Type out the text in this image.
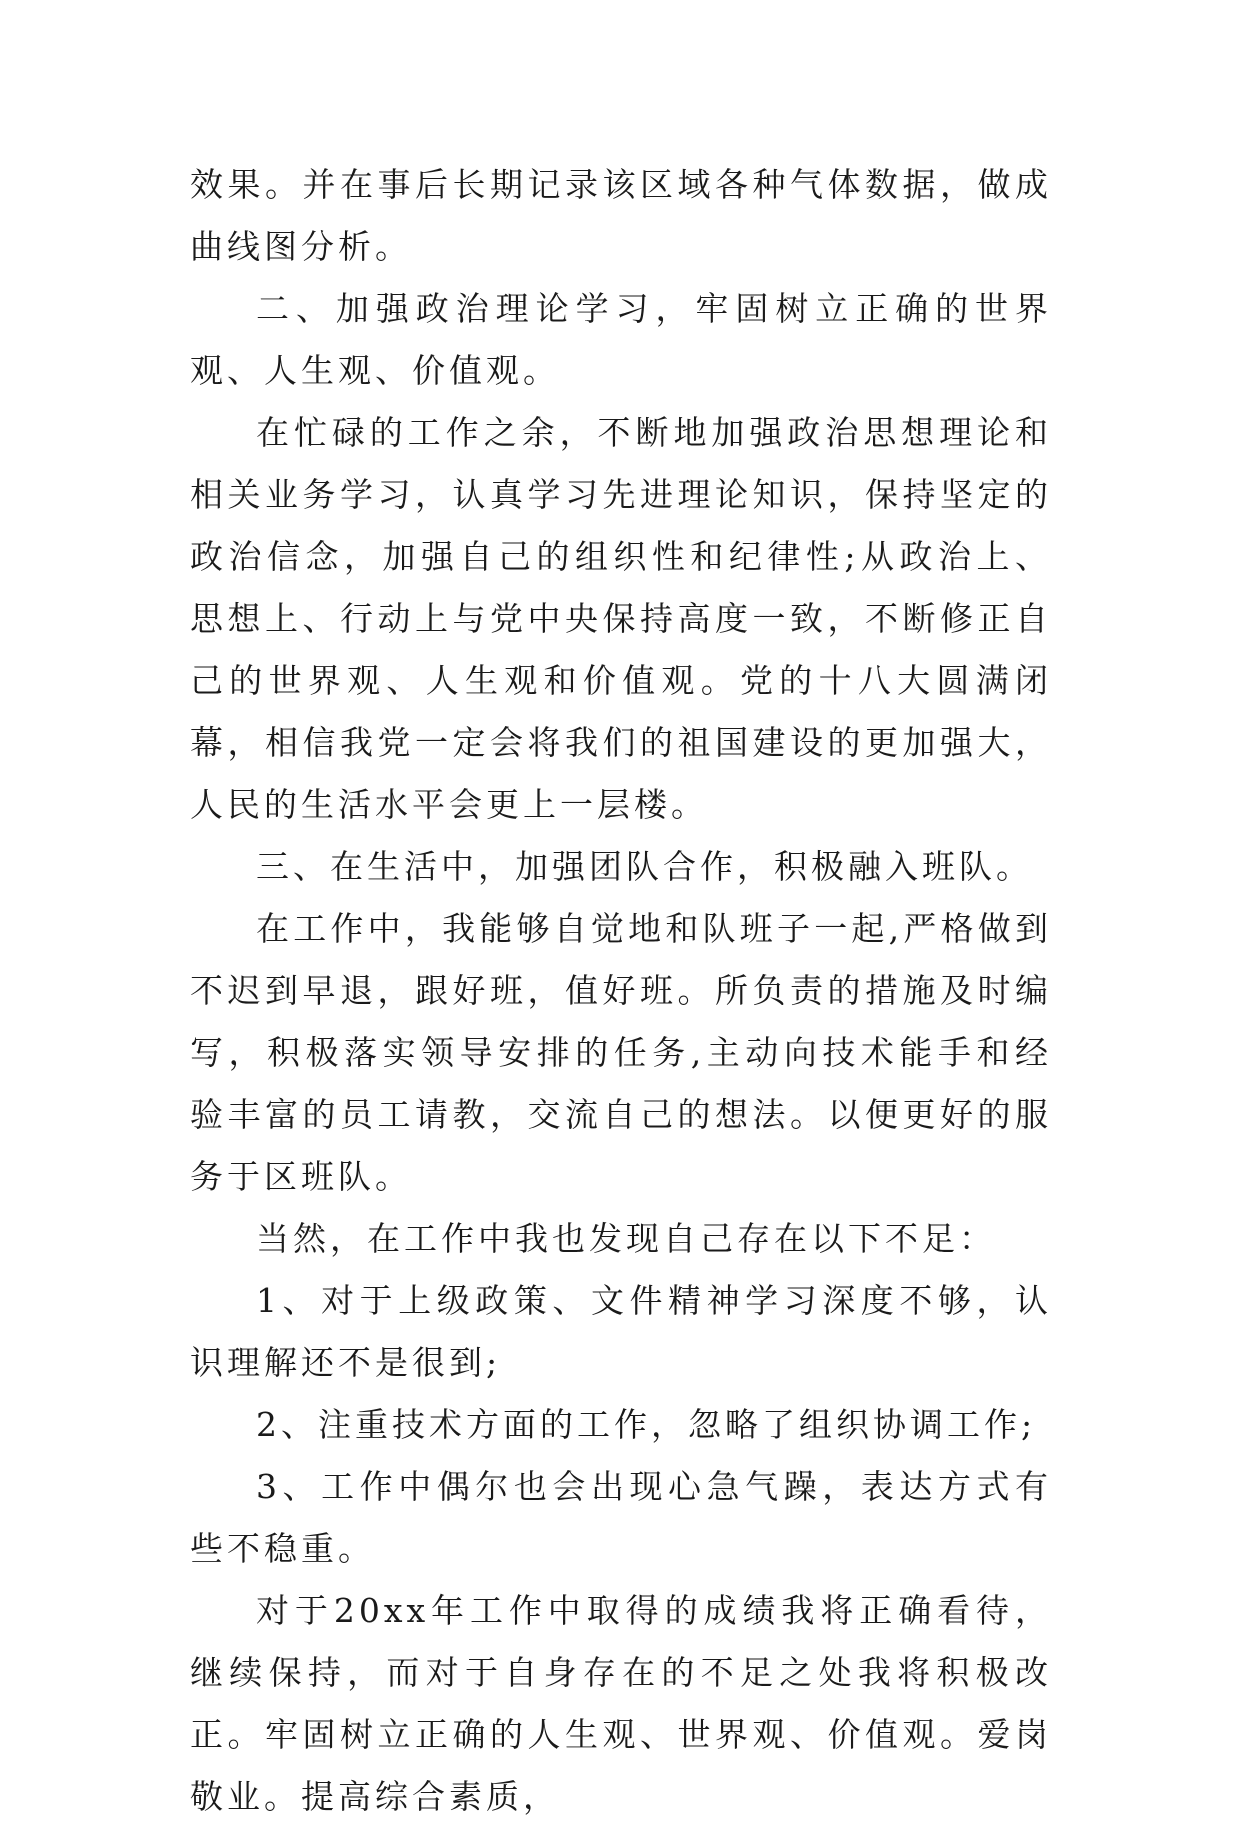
效果。并在事后长期记录该区域各种气体数据，做成曲线图分析。

二、加强政治理论学习，牢固树立正确的世界观、人生观、价值观。

在忙碌的工作之余，不断地加强政治思想理论和相关业务学习，认真学习先进理论知识，保持坚定的政治信念，加强自己的组织性和纪律性;从政治上、思想上、行动上与党中央保持高度一致，不断修正自己的世界观、人生观和价值观。党的十八大圆满闭幕，相信我党一定会将我们的祖国建设的更加强大，人民的生活水平会更上一层楼。

三、在生活中，加强团队合作，积极融入班队。

在工作中，我能够自觉地和队班子一起,严格做到不迟到早退，跟好班，值好班。所负责的措施及时编写，积极落实领导安排的任务,主动向技术能手和经验丰富的员工请教，交流自己的想法。以便更好的服务于区班队。

当然，在工作中我也发现自己存在以下不足：

1、对于上级政策、文件精神学习深度不够，认识理解还不是很到;

2、注重技术方面的工作，忽略了组织协调工作;

3、工作中偶尔也会出现心急气躁，表达方式有些不稳重。

对于20xx年工作中取得的成绩我将正确看待，继续保持，而对于自身存在的不足之处我将积极改正。牢固树立正确的人生观、世界观、价值观。爱岗敬业。提高综合素质，
